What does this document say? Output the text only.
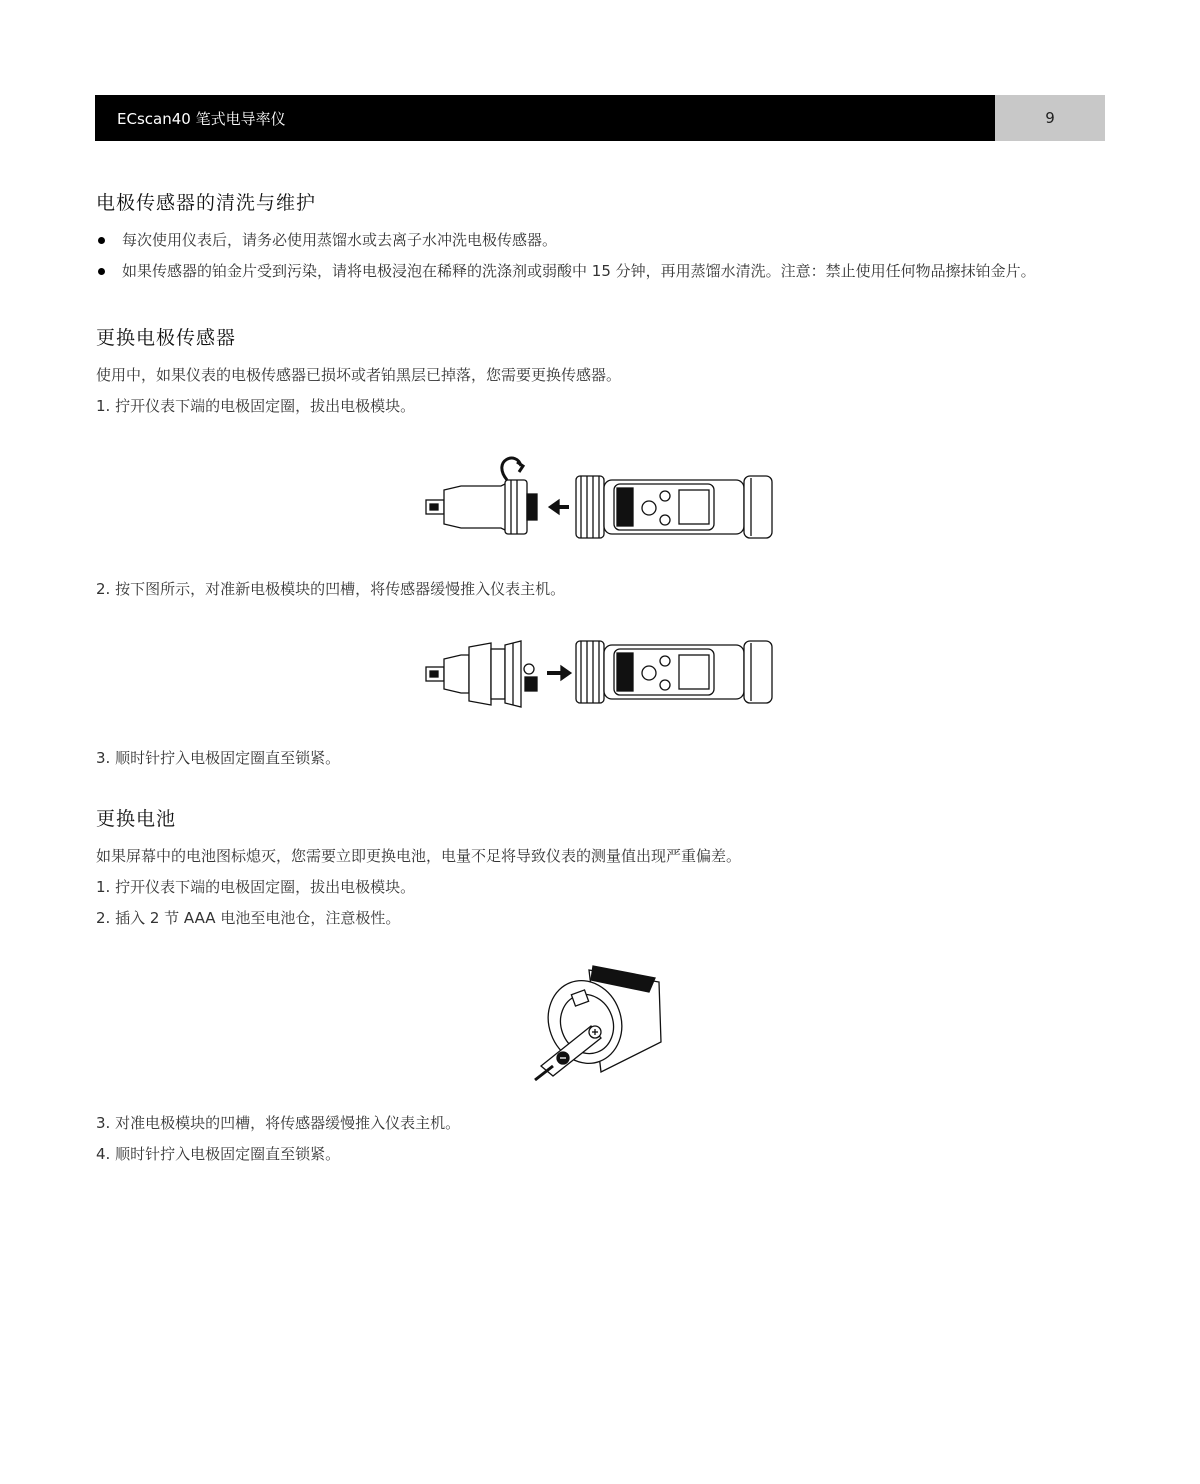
ECscan40 笔式电导率仪	9
电极传感器的清洗与维护
每次使用仪表后，请务必使用蒸馏水或去离子水冲洗电极传感器。
如果传感器的铂金片受到污染，请将电极浸泡在稀释的洗涤剂或弱酸中 15 分钟，再用蒸馏水清洗。注意：禁止使用任何物品擦抹铂金片。
更换电极传感器

使用中，如果仪表的电极传感器已损坏或者铂黑层已掉落，您需要更换传感器。

1. 拧开仪表下端的电极固定圈，拔出电极模块。

2. 按下图所示，对准新电极模块的凹槽，将传感器缓慢推入仪表主机。

3. 顺时针拧入电极固定圈直至锁紧。

更换电池

如果屏幕中的电池图标熄灭，您需要立即更换电池，电量不足将导致仪表的测量值出现严重偏差。

1. 拧开仪表下端的电极固定圈，拔出电极模块。

2. 插入 2 节 AAA 电池至电池仓，注意极性。

3. 对准电极模块的凹槽，将传感器缓慢推入仪表主机。

4. 顺时针拧入电极固定圈直至锁紧。
